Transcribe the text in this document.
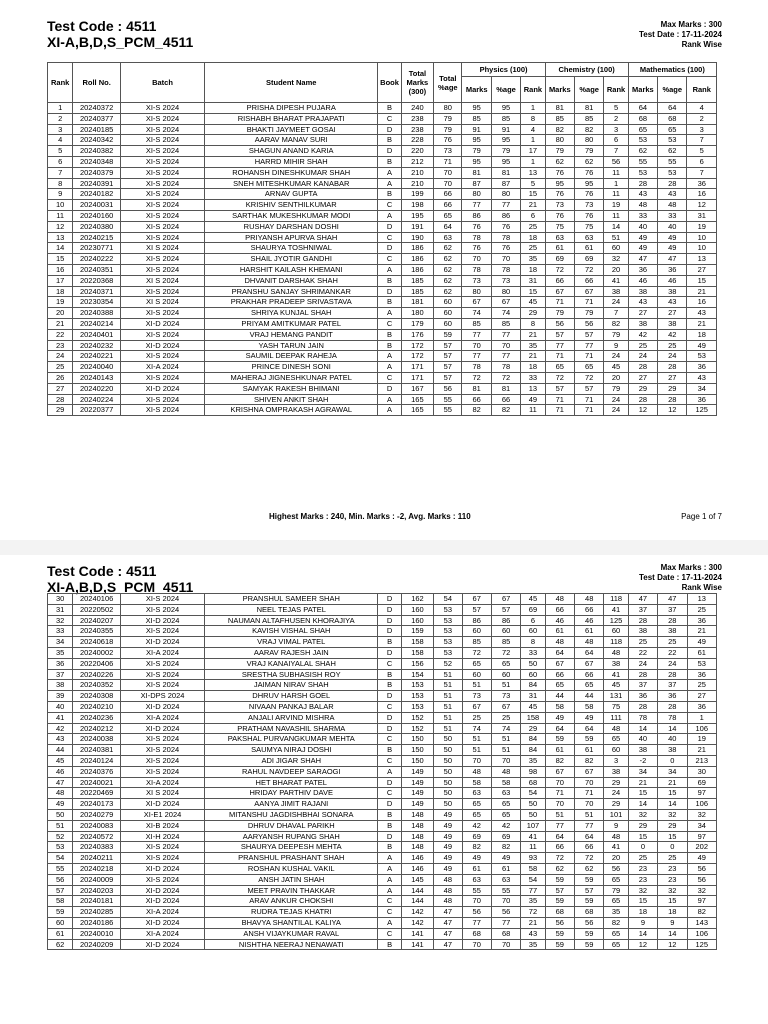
Test Code : 4511
XI-A,B,D,S_PCM_4511
Max Marks : 300
Test Date : 17-11-2024
Rank Wise
Rank	Roll No.	Batch	Student Name	Book	Total Marks (300)	Total
%age	Physics (100)			Chemistry (100)			Mathematics (100)		
							Marks	%age	Rank	Marks	%age	Rank	Marks	%age	Rank
1	20240372	XI-S 2024	PRISHA DIPESH PUJARA	B	240	80	95	95	1	81	81	5	64	64	4
2	20240377	XI-S 2024	RISHABH BHARAT PRAJAPATI	C	238	79	85	85	8	85	85	2	68	68	2
3	20240185	XI-S 2024	BHAKTI JAYMEET GOSAI	D	238	79	91	91	4	82	82	3	65	65	3
4	20240342	XI-S 2024	AARAV MANAV SURI	B	228	76	95	95	1	80	80	6	53	53	7
5	20240382	XI-S 2024	SHAGUN ANAND KARIA	D	220	73	79	79	17	79	79	7	62	62	5
6	20240348	XI-S 2024	HARRD MIHIR SHAH	B	212	71	95	95	1	62	62	56	55	55	6
7	20240379	XI-S 2024	ROHANSH DINESHKUMAR SHAH	A	210	70	81	81	13	76	76	11	53	53	7
8	20240391	XI-S 2024	SNEH MITESHKUMAR KANABAR	A	210	70	87	87	5	95	95	1	28	28	36
9	20240182	XI-S 2024	ARNAV GUPTA	B	199	66	80	80	15	76	76	11	43	43	16
10	20240031	XI-S 2024	KRISHIV SENTHILKUMAR	C	198	66	77	77	21	73	73	19	48	48	12
11	20240160	XI-S 2024	SARTHAK MUKESHKUMAR MODI	A	195	65	86	86	6	76	76	11	33	33	31
12	20240380	XI-S 2024	RUSHAY DARSHAN DOSHI	D	191	64	76	76	25	75	75	14	40	40	19
13	20240215	XI-S 2024	PRIYANSH APURVA SHAH	C	190	63	78	78	18	63	63	51	49	49	10
14	20230771	XI S 2024	SHAURYA TOSHNIWAL	D	186	62	76	76	25	61	61	60	49	49	10
15	20240222	XI-S 2024	SHAIL JYOTIR GANDHI	C	186	62	70	70	35	69	69	32	47	47	13
16	20240351	XI-S 2024	HARSHIT KAILASH KHEMANI	A	186	62	78	78	18	72	72	20	36	36	27
17	20220368	XI S 2024	DHVANIT DARSHAK SHAH	B	185	62	73	73	31	66	66	41	46	46	15
18	20240371	XI-S 2024	PRANSHU SANJAY SHRIMANKAR	D	185	62	80	80	15	67	67	38	38	38	21
19	20230354	XI S 2024	PRAKHAR PRADEEP SRIVASTAVA	B	181	60	67	67	45	71	71	24	43	43	16
20	20240388	XI-S 2024	SHRIYA KUNJAL SHAH	A	180	60	74	74	29	79	79	7	27	27	43
21	20240214	XI-D 2024	PRIYAM AMITKUMAR PATEL	C	179	60	85	85	8	56	56	82	38	38	21
22	20240401	XI-S 2024	VRAJ HEMANG PANDIT	B	176	59	77	77	21	57	57	79	42	42	18
23	20240232	XI-D 2024	YASH TARUN JAIN	B	172	57	70	70	35	77	77	9	25	25	49
24	20240221	XI-S 2024	SAUMIL DEEPAK RAHEJA	A	172	57	77	77	21	71	71	24	24	24	53
25	20240040	XI-A 2024	PRINCE DINESH SONI	A	171	57	78	78	18	65	65	45	28	28	36
26	20240143	XI-S 2024	MAHERAJ JIGNESHKUNAR PATEL	C	171	57	72	72	33	72	72	20	27	27	43
27	20240220	XI-D 2024	SAMYAK RAKESH BHIMANI	D	167	56	81	81	13	57	57	79	29	29	34
28	20240224	XI-S 2024	SHIVEN ANKIT SHAH	A	165	55	66	66	49	71	71	24	28	28	36
29	20220377	XI-S 2024	KRISHNA OMPRAKASH AGRAWAL	A	165	55	82	82	11	71	71	24	12	12	125
Highest Marks : 240, Min. Marks : -2, Avg. Marks : 110	Page 1 of 7
Test Code : 4511
XI-A,B,D,S_PCM_4511
Max Marks : 300
Test Date : 17-11-2024
Rank Wise
30	20240106	XI-S 2024	PRANSHUL SAMEER SHAH	D	162	54	67	67	45	48	48	118	47	47	13
31	20220502	XI-S 2024	NEEL TEJAS PATEL	D	160	53	57	57	69	66	66	41	37	37	25
32	20240207	XI-D 2024	NAUMAN ALTAFHUSEN KHORAJIYA	D	160	53	86	86	6	46	46	125	28	28	36
33	20240355	XI-S 2024	KAVISH VISHAL SHAH	D	159	53	60	60	60	61	61	60	38	38	21
34	20240618	XI-D 2024	VRAJ VIMAL PATEL	B	158	53	85	85	8	48	48	118	25	25	49
35	20240002	XI-A 2024	AARAV RAJESH JAIN	D	158	53	72	72	33	64	64	48	22	22	61
36	20220406	XI-S 2024	VRAJ KANAIYALAL SHAH	C	156	52	65	65	50	67	67	38	24	24	53
37	20240226	XI-S 2024	SRESTHA SUBHASISH ROY	B	154	51	60	60	60	66	66	41	28	28	36
38	20240352	XI-S 2024	JAIMAN NIRAV SHAH	B	153	51	51	51	84	65	65	45	37	37	25
39	20240308	XI-DPS 2024	DHRUV HARSH GOEL	D	153	51	73	73	31	44	44	131	36	36	27
40	20240210	XI-D 2024	NIVAAN PANKAJ BALAR	C	153	51	67	67	45	58	58	75	28	28	36
41	20240236	XI-A 2024	ANJALI ARVIND MISHRA	D	152	51	25	25	158	49	49	111	78	78	1
42	20240212	XI-D 2024	PRATHAM NAVASHIL SHARMA	D	152	51	74	74	29	64	64	48	14	14	106
43	20240038	XI-S 2024	PAKSHAL PURVANGKUMAR MEHTA	C	150	50	51	51	84	59	59	65	40	40	19
44	20240381	XI-S 2024	SAUMYA NIRAJ DOSHI	B	150	50	51	51	84	61	61	60	38	38	21
45	20240124	XI-S 2024	ADI JIGAR SHAH	C	150	50	70	70	35	82	82	3	-2	0	213
46	20240376	XI-S 2024	RAHUL NAVDEEP SARAOGI	A	149	50	48	48	98	67	67	38	34	34	30
47	20240021	XI-A 2024	HET BHARAT PATEL	D	149	50	58	58	68	70	70	29	21	21	69
48	20220469	XI S 2024	HRIDAY PARTHIV DAVE	C	149	50	63	63	54	71	71	24	15	15	97
49	20240173	XI-D 2024	AANYA JIMIT RAJANI	D	149	50	65	65	50	70	70	29	14	14	106
50	20240279	XI-E1 2024	MITANSHU JAGDISHBHAI SONARA	B	148	49	65	65	50	51	51	101	32	32	32
51	20240083	XI-B 2024	DHRUV DHAVAL PARIKH	B	148	49	42	42	107	77	77	9	29	29	34
52	20240572	XI-H 2024	AARYANSH RUPANG SHAH	D	148	49	69	69	41	64	64	48	15	15	97
53	20240383	XI-S 2024	SHAURYA DEEPESH MEHTA	B	148	49	82	82	11	66	66	41	0	0	202
54	20240211	XI-S 2024	PRANSHUL PRASHANT SHAH	A	146	49	49	49	93	72	72	20	25	25	49
55	20240218	XI-D 2024	ROSHAN KUSHAL VAKIL	A	146	49	61	61	58	62	62	56	23	23	56
56	20240009	XI-S 2024	ANSH JATIN SHAH	A	145	48	63	63	54	59	59	65	23	23	56
57	20240203	XI-D 2024	MEET PRAVIN THAKKAR	A	144	48	55	55	77	57	57	79	32	32	32
58	20240181	XI-D 2024	ARAV ANKUR CHOKSHI	C	144	48	70	70	35	59	59	65	15	15	97
59	20240285	XI-A 2024	RUDRA TEJAS KHATRI	C	142	47	56	56	72	68	68	35	18	18	82
60	20240186	XI-D 2024	BHAVYA SHANTILAL KALIYA	A	142	47	77	77	21	56	56	82	9	9	143
61	20240010	XI-A 2024	ANSH VIJAYKUMAR RAVAL	C	141	47	68	68	43	59	59	65	14	14	106
62	20240209	XI-D 2024	NISHTHA NEERAJ NENAWATI	B	141	47	70	70	35	59	59	65	12	12	125
